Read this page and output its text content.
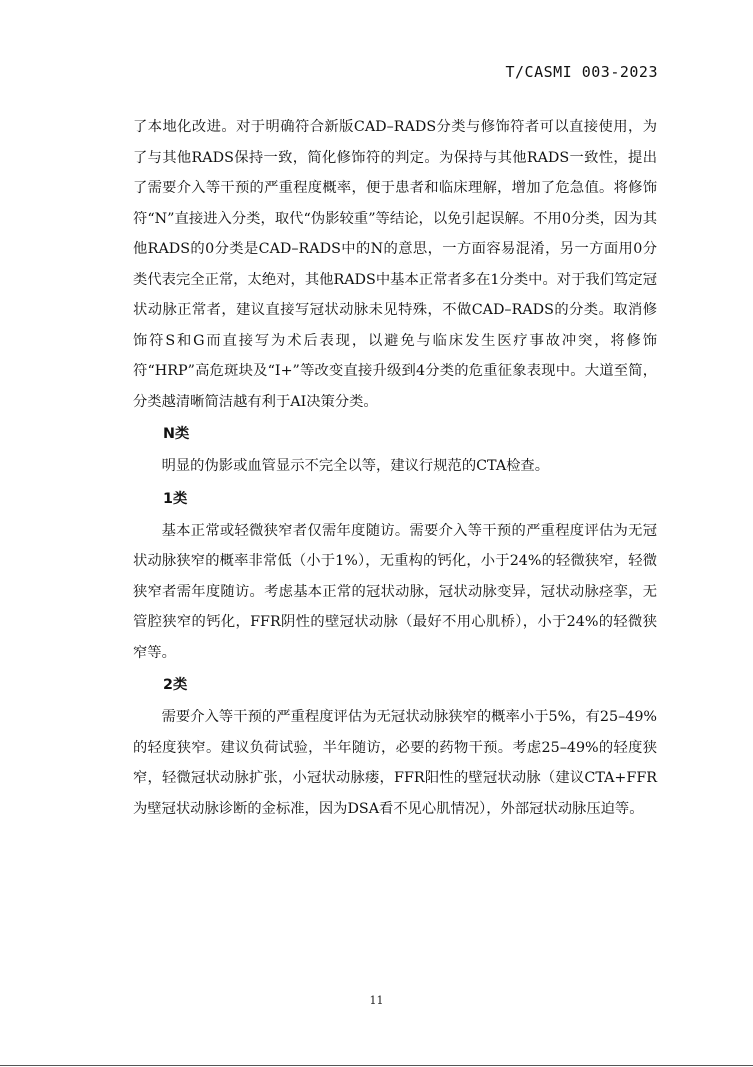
T/CASMI 003-2023

了本地化改进。对于明确符合新版CAD–RADS分类与修饰符者可以直接使用，为了与其他RADS保持一致，简化修饰符的判定。为保持与其他RADS一致性，提出了需要介入等干预的严重程度概率，便于患者和临床理解，增加了危急值。将修饰符“N”直接进入分类，取代“伪影较重”等结论，以免引起误解。不用0分类，因为其他RADS的0分类是CAD–RADS中的N的意思，一方面容易混淆，另一方面用0分类代表完全正常，太绝对，其他RADS中基本正常者多在1分类中。对于我们笃定冠状动脉正常者，建议直接写冠状动脉未见特殊，不做CAD–RADS的分类。取消修饰符S和G而直接写为术后表现，以避免与临床发生医疗事故冲突，将修饰符“HRP”高危斑块及“I+”等改变直接升级到4分类的危重征象表现中。大道至简，分类越清晰简洁越有利于AI决策分类。

N类

明显的伪影或血管显示不完全以等，建议行规范的CTA检查。

1类

基本正常或轻微狭窄者仅需年度随访。需要介入等干预的严重程度评估为无冠状动脉狭窄的概率非常低（小于1%），无重构的钙化，小于24%的轻微狭窄，轻微狭窄者需年度随访。考虑基本正常的冠状动脉，冠状动脉变异，冠状动脉痉挛，无管腔狭窄的钙化，FFR阴性的壁冠状动脉（最好不用心肌桥），小于24%的轻微狭窄等。

2类

需要介入等干预的严重程度评估为无冠状动脉狭窄的概率小于5%，有25–49%的轻度狭窄。建议负荷试验，半年随访，必要的药物干预。考虑25–49%的轻度狭窄，轻微冠状动脉扩张，小冠状动脉瘘，FFR阳性的壁冠状动脉（建议CTA+FFR为壁冠状动脉诊断的金标准，因为DSA看不见心肌情况），外部冠状动脉压迫等。

11
